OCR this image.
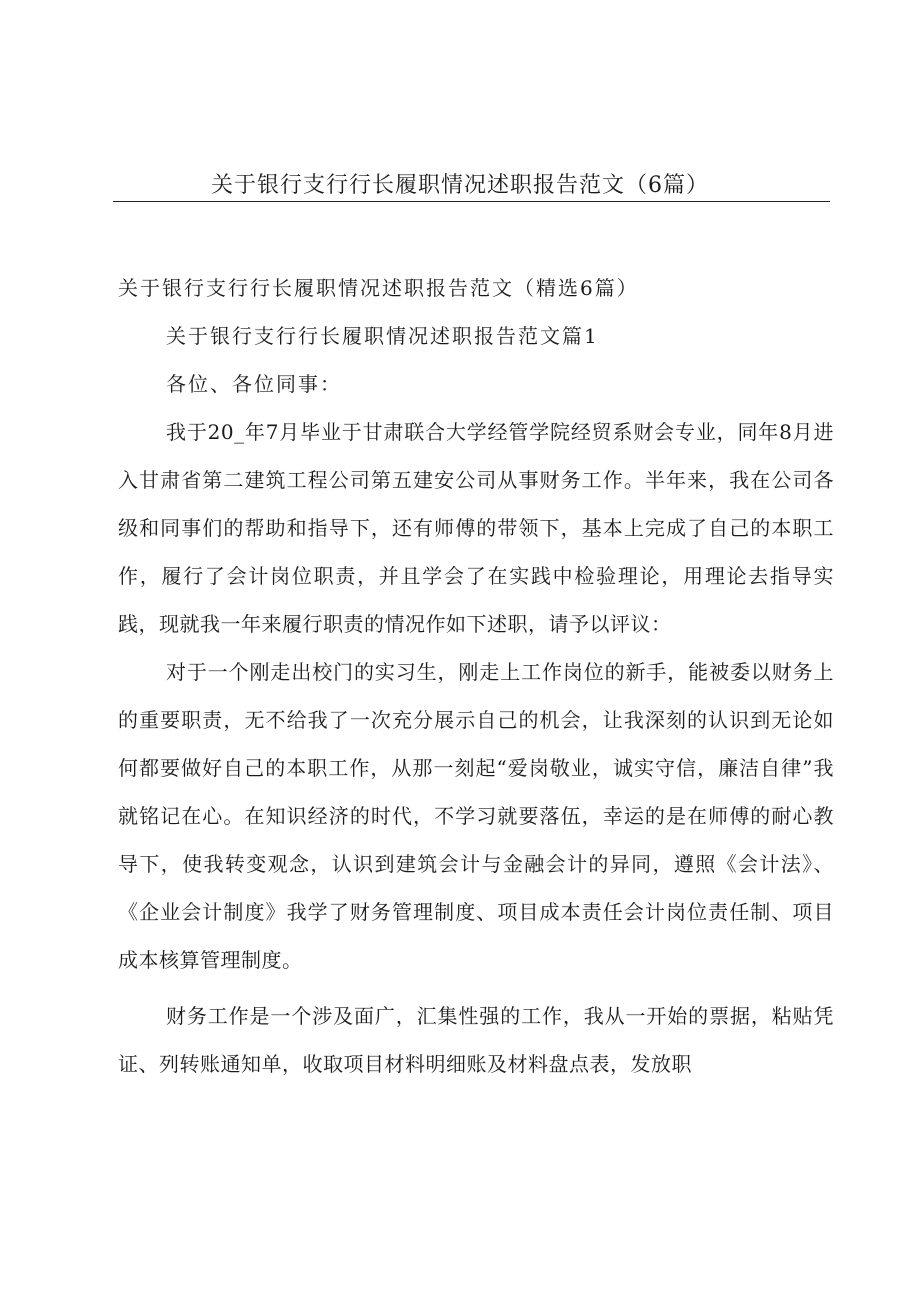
关于银行支行行长履职情况述职报告范文（6篇）

关于银行支行行长履职情况述职报告范文（精选6篇）

关于银行支行行长履职情况述职报告范文篇1

各位、各位同事：

我于20_年7月毕业于甘肃联合大学经管学院经贸系财会专业，同年8月进入甘肃省第二建筑工程公司第五建安公司从事财务工作。半年来，我在公司各级和同事们的帮助和指导下，还有师傅的带领下，基本上完成了自己的本职工作，履行了会计岗位职责，并且学会了在实践中检验理论，用理论去指导实践，现就我一年来履行职责的情况作如下述职，请予以评议：

对于一个刚走出校门的实习生，刚走上工作岗位的新手，能被委以财务上的重要职责，无不给我了一次充分展示自己的机会，让我深刻的认识到无论如何都要做好自己的本职工作，从那一刻起“爱岗敬业，诚实守信，廉洁自律”我就铭记在心。在知识经济的时代，不学习就要落伍，幸运的是在师傅的耐心教导下，使我转变观念，认识到建筑会计与金融会计的异同，遵照《会计法》、《企业会计制度》我学了财务管理制度、项目成本责任会计岗位责任制、项目成本核算管理制度。

财务工作是一个涉及面广，汇集性强的工作，我从一开始的票据，粘贴凭证、列转账通知单，收取项目材料明细账及材料盘点表，发放职
